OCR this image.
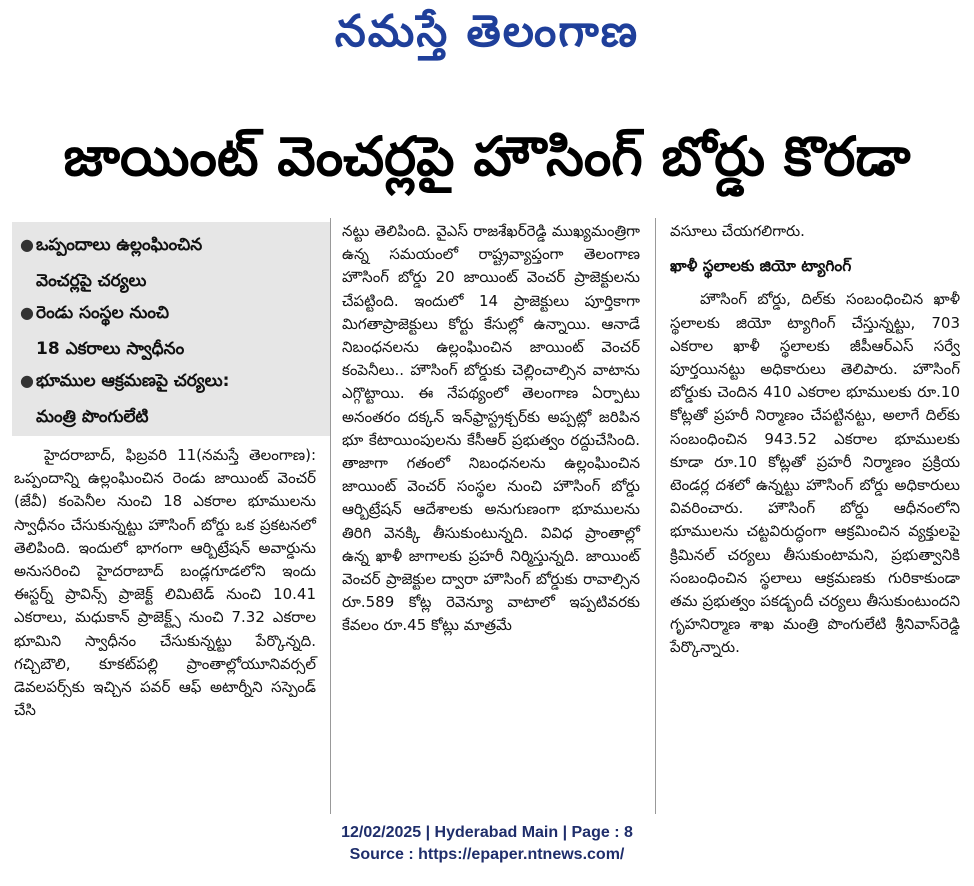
నమస్తే తెలంగాణ
జాయింట్ వెంచర్లపై హౌసింగ్ బోర్డు కొరడా
● ఒప్పందాలు ఉల్లంఘించిన
వెంచర్లపై చర్యలు
● రెండు సంస్థల నుంచి
18 ఎకరాలు స్వాధీనం
● భూముల ఆక్రమణపై చర్యలు:
మంత్రి పొంగులేటి

హైదరాబాద్, ఫిబ్రవరి 11(నమస్తే తెలంగాణ): ఒప్పందాన్ని ఉల్లంఘించిన రెండు జాయింట్ వెంచర్ (జేవీ) కంపెనీల నుంచి 18 ఎకరాల భూములను స్వాధీనం చేసుకున్నట్టు హౌసింగ్ బోర్డు ఒక ప్రకటనలో తెలిపింది. ఇందులో భాగంగా ఆర్బిట్రేషన్ అవార్డును అనుసరించి హైదరాబాద్ బండ్లగూడలోని ఇందు ఈస్టర్న్ ప్రావిన్స్ ప్రాజెక్ట్ లిమిటెడ్ నుంచి 10.41 ఎకరాలు, మధుకాన్ ప్రాజెక్ట్స్ నుంచి 7.32 ఎకరాల భూమిని స్వాధీనం చేసుకున్నట్టు పేర్కొన్నది. గచ్చిబౌలి, కూకట్‌పల్లి ప్రాంతాల్లోయూనివర్సల్ డెవలపర్స్‌కు ఇచ్చిన పవర్ ఆఫ్ అటార్నీని సస్పెండ్ చేసి

నట్టు తెలిపింది. వైఎస్ రాజశేఖర్‌రెడ్డి ముఖ్యమంత్రిగా ఉన్న సమయంలో రాష్ట్రవ్యాప్తంగా తెలంగాణ హౌసింగ్ బోర్డు 20 జాయింట్ వెంచర్ ప్రాజెక్టులను చేపట్టింది. ఇందులో 14 ప్రాజెక్టులు పూర్తికాగా మిగతాప్రాజెక్టులు కోర్టు కేసుల్లో ఉన్నాయి. ఆనాడే నిబంధనలను ఉల్లంఘించిన జాయింట్ వెంచర్ కంపెనీలు.. హౌసింగ్ బోర్డుకు చెల్లించాల్సిన వాటాను ఎగ్గొట్టాయి. ఈ నేపథ్యంలో తెలంగాణ ఏర్పాటు అనంతరం దక్కన్ ఇన్‌ఫ్రాస్ట్రక్చర్‌కు అప్పట్లో జరిపిన భూ కేటాయింపులను కేసీఆర్ ప్రభుత్వం రద్దుచేసింది. తాజాగా గతంలో నిబంధనలను ఉల్లంఘించిన జాయింట్ వెంచర్ సంస్థల నుంచి హౌసింగ్ బోర్డు ఆర్బిట్రేషన్ ఆదేశాలకు అనుగుణంగా భూములను తిరిగి వెనక్కి తీసుకుంటున్నది. వివిధ ప్రాంతాల్లో ఉన్న ఖాళీ జాగాలకు ప్రహరీ నిర్మిస్తున్నది. జాయింట్ వెంచర్ ప్రాజెక్టుల ద్వారా హౌసింగ్ బోర్డుకు రావాల్సిన రూ.589 కోట్ల రెవెన్యూ వాటాలో ఇప్పటివరకు కేవలం రూ.45 కోట్లు మాత్రమే

వసూలు చేయగలిగారు.

ఖాళీ స్థలాలకు జియో ట్యాగింగ్

హౌసింగ్ బోర్డు, దిల్‌కు సంబంధించిన ఖాళీ స్థలాలకు జియో ట్యాగింగ్ చేస్తున్నట్టు, 703 ఎకరాల ఖాళీ స్థలాలకు జీపీఆర్‌ఎస్ సర్వే పూర్తయినట్టు అధికారులు తెలిపారు. హౌసింగ్ బోర్డుకు చెందిన 410 ఎకరాల భూములకు రూ.10 కోట్లతో ప్రహరీ నిర్మాణం చేపట్టినట్టు, అలాగే దిల్‌కు సంబంధించిన 943.52 ఎకరాల భూములకు కూడా రూ.10 కోట్లతో ప్రహరీ నిర్మాణం ప్రక్రియ టెండర్ల దశలో ఉన్నట్టు హౌసింగ్ బోర్డు అధికారులు వివరించారు. హౌసింగ్ బోర్డు ఆధీనంలోని భూములను చట్టవిరుద్ధంగా ఆక్రమించిన వ్యక్తులపై క్రిమినల్ చర్యలు తీసుకుంటామని, ప్రభుత్వానికి సంబంధించిన స్థలాలు ఆక్రమణకు గురికాకుండా తమ ప్రభుత్వం పకడ్బందీ చర్యలు తీసుకుంటుందని గృహనిర్మాణ శాఖ మంత్రి పొంగులేటి శ్రీనివాస్‌రెడ్డి పేర్కొన్నారు.

12/02/2025 | Hyderabad Main | Page : 8
Source : https://epaper.ntnews.com/
